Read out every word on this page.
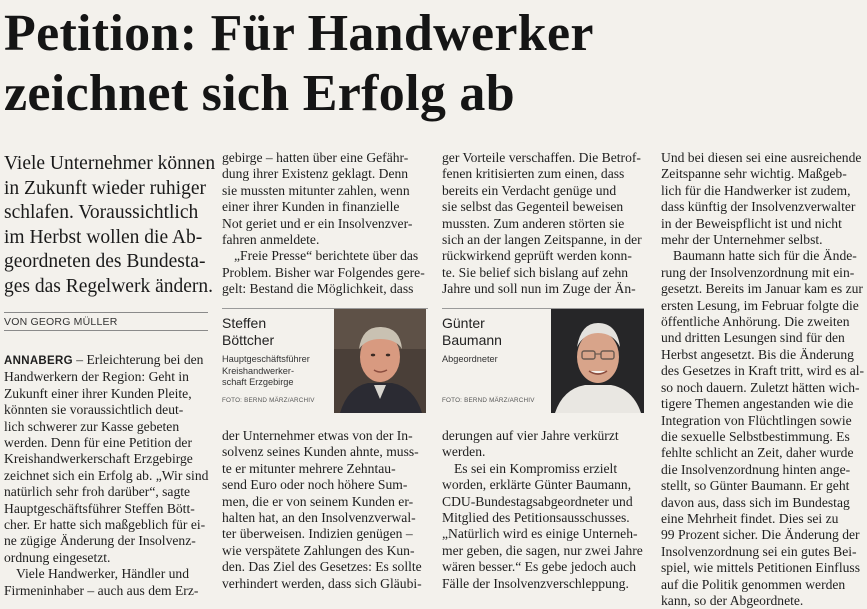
Petition: Für Handwerker
zeichnet sich Erfolg ab
Viele Unternehmer können
in Zukunft wieder ruhiger
schlafen. Voraussichtlich
im Herbst wollen die Ab-
geordneten des Bundesta-
ges das Regelwerk ändern.
VON GEORG MÜLLER
ANNABERG – Erleichterung bei den
Handwerkern der Region: Geht in
Zukunft einer ihrer Kunden Pleite,
könnten sie voraussichtlich deut-
lich schwerer zur Kasse gebeten
werden. Denn für eine Petition der
Kreishandwerkerschaft Erzgebirge
zeichnet sich ein Erfolg ab. „Wir sind
natürlich sehr froh darüber“, sagte
Hauptgeschäftsführer Steffen Bött-
cher. Er hatte sich maßgeblich für ei-
ne zügige Änderung der Insolvenz-
ordnung eingesetzt.
Viele Handwerker, Händler und
Firmeninhaber – auch aus dem Erz-
gebirge – hatten über eine Gefähr-
dung ihrer Existenz geklagt. Denn
sie mussten mitunter zahlen, wenn
einer ihrer Kunden in finanzielle
Not geriet und er ein Insolvenzver-
fahren anmeldete.
„Freie Presse“ berichtete über das
Problem. Bisher war Folgendes gere-
gelt: Bestand die Möglichkeit, dass
Steffen
Böttcher
Hauptgeschäftsführer
Kreishandwerker-
schaft Erzgebirge
FOTO: BERND MÄRZ/ARCHIV
der Unternehmer etwas von der In-
solvenz seines Kunden ahnte, muss-
te er mitunter mehrere Zehntau-
send Euro oder noch höhere Sum-
men, die er von seinem Kunden er-
halten hat, an den Insolvenzverwal-
ter überweisen. Indizien genügen –
wie verspätete Zahlungen des Kun-
den. Das Ziel des Gesetzes: Es sollte
verhindert werden, dass sich Gläubi-
ger Vorteile verschaffen. Die Betrof-
fenen kritisierten zum einen, dass
bereits ein Verdacht genüge und
sie selbst das Gegenteil beweisen
mussten. Zum anderen störten sie
sich an der langen Zeitspanne, in der
rückwirkend geprüft werden konn-
te. Sie belief sich bislang auf zehn
Jahre und soll nun im Zuge der Än-
Günter
Baumann
Abgeordneter
FOTO: BERND MÄRZ/ARCHIV
derungen auf vier Jahre verkürzt
werden.
Es sei ein Kompromiss erzielt
worden, erklärte Günter Baumann,
CDU-Bundestagsabgeordneter und
Mitglied des Petitionsausschusses.
„Natürlich wird es einige Unterneh-
mer geben, die sagen, nur zwei Jahre
wären besser.“ Es gebe jedoch auch
Fälle der Insolvenzverschleppung.
Und bei diesen sei eine ausreichende
Zeitspanne sehr wichtig. Maßgeb-
lich für die Handwerker ist zudem,
dass künftig der Insolvenzverwalter
in der Beweispflicht ist und nicht
mehr der Unternehmer selbst.
Baumann hatte sich für die Ände-
rung der Insolvenzordnung mit ein-
gesetzt. Bereits im Januar kam es zur
ersten Lesung, im Februar folgte die
öffentliche Anhörung. Die zweiten
und dritten Lesungen sind für den
Herbst angesetzt. Bis die Änderung
des Gesetzes in Kraft tritt, wird es al-
so noch dauern. Zuletzt hätten wich-
tigere Themen angestanden wie die
Integration von Flüchtlingen sowie
die sexuelle Selbstbestimmung. Es
fehlte schlicht an Zeit, daher wurde
die Insolvenzordnung hinten ange-
stellt, so Günter Baumann. Er geht
davon aus, dass sich im Bundestag
eine Mehrheit findet. Dies sei zu
99 Prozent sicher. Die Änderung der
Insolvenzordnung sei ein gutes Bei-
spiel, wie mittels Petitionen Einfluss
auf die Politik genommen werden
kann, so der Abgeordnete.
